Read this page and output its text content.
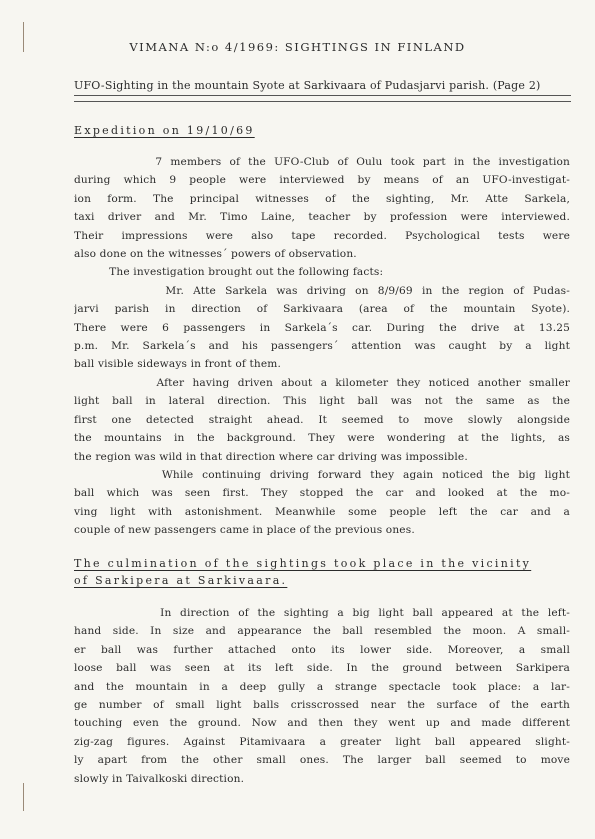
VIMANA N:o 4/1969: SIGHTINGS IN FINLAND
UFO-Sighting in the mountain Syote at Sarkivaara of Pudasjarvi parish. (Page 2)
Expedition on 19/10/69
7 members of the UFO-Club of Oulu took part in the investigation
during which 9 people were interviewed by means of an UFO-investigat-
ion form. The principal witnesses of the sighting, Mr. Atte Sarkela,
taxi driver and Mr. Timo Laine, teacher by profession were interviewed.
Their impressions were also tape recorded. Psychological tests were
also done on the witnesses´ powers of observation.
The investigation brought out the following facts:
Mr. Atte Sarkela was driving on 8/9/69 in the region of Pudas-
jarvi parish in direction of Sarkivaara (area of the mountain Syote).
There were 6 passengers in Sarkela´s car. During the drive at 13.25
p.m. Mr. Sarkela´s and his passengers´ attention was caught by a light
ball visible sideways in front of them.
After having driven about a kilometer they noticed another smaller
light ball in lateral direction. This light ball was not the same as the
first one detected straight ahead. It seemed to move slowly alongside
the mountains in the background. They were wondering at the lights, as
the region was wild in that direction where car driving was impossible.
While continuing driving forward they again noticed the big light
ball which was seen first. They stopped the car and looked at the mo-
ving light with astonishment. Meanwhile some people left the car and a
couple of new passengers came in place of the previous ones.
The culmination of the sightings took place in the vicinity
of Sarkipera at Sarkivaara.
In direction of the sighting a big light ball appeared at the left-
hand side. In size and appearance the ball resembled the moon. A small-
er ball was further attached onto its lower side. Moreover, a small
loose ball was seen at its left side. In the ground between Sarkipera
and the mountain in a deep gully a strange spectacle took place: a lar-
ge number of small light balls crisscrossed near the surface of the earth
touching even the ground. Now and then they went up and made different
zig-zag figures. Against Pitamivaara a greater light ball appeared slight-
ly apart from the other small ones. The larger ball seemed to move
slowly in Taivalkoski direction.
